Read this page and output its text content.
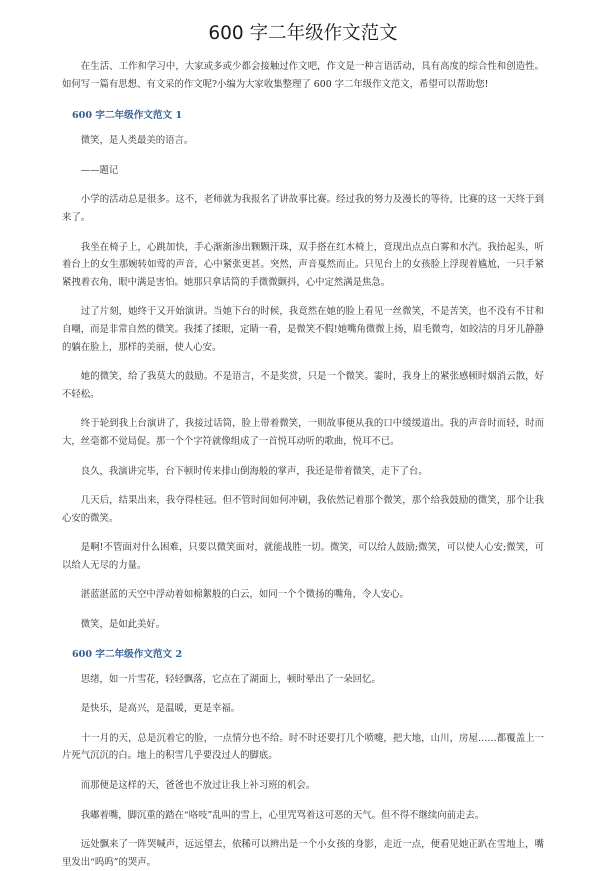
600 字二年级作文范文

在生活、工作和学习中，大家或多或少都会接触过作文吧，作文是一种言语活动，具有高度的综合性和创造性。如何写一篇有思想、有文采的作文呢?小编为大家收集整理了 600 字二年级作文范文，希望可以帮助您!

600 字二年级作文范文 1

微笑，是人类最美的语言。

——题记

小学的活动总是很多。这不，老师就为我报名了讲故事比赛。经过我的努力及漫长的等待，比赛的这一天终于到来了。

我坐在椅子上，心跳加快，手心渐渐渗出颗颗汗珠，双手搭在红木椅上，竟现出点点白雾和水汽。我抬起头，听着台上的女生那婉转如莺的声音，心中紧张更甚。突然，声音戛然而止。只见台上的女孩脸上浮现着尴尬，一只手紧紧拽着衣角，眼中满是害怕。她那只拿话筒的手微微颤抖，心中定然满是焦急。

过了片刻，她终于又开始演讲。当她下台的时候，我竟然在她的脸上看见一丝微笑，不是苦笑，也不没有不甘和自嘲，而是非常自然的微笑。我揉了揉眼，定睛一看，是微笑不假!她嘴角微微上扬，眉毛微弯，如皎洁的月牙儿静静的躺在脸上，那样的美丽，使人心安。

她的微笑，给了我莫大的鼓励。不是语言，不是奖赏，只是一个微笑。霎时，我身上的紧张感顿时烟消云散，好不轻松。

终于轮到我上台演讲了，我接过话筒，脸上带着微笑，一则故事便从我的口中缓缓道出。我的声音时而轻，时而大，丝毫都不觉局促。那一个个字符就像组成了一首悦耳动听的歌曲，悦耳不已。

良久，我演讲完毕，台下顿时传来排山倒海般的掌声，我还是带着微笑，走下了台。

几天后，结果出来，我夺得桂冠。但不管时间如何冲刷，我依然记着那个微笑，那个给我鼓励的微笑，那个让我心安的微笑。

是啊!不管面对什么困难，只要以微笑面对，就能战胜一切。微笑，可以给人鼓励;微笑，可以使人心安;微笑，可以给人无尽的力量。

湛蓝湛蓝的天空中浮动着如棉絮般的白云，如同一个个微扬的嘴角，令人安心。

微笑，是如此美好。

600 字二年级作文范文 2

思绪，如一片雪花，轻轻飘落，它点在了湖面上，顿时晕出了一朵回忆。

是快乐，是高兴，是温暖，更是幸福。

十一月的天，总是沉着它的脸，一点情分也不给。时不时还要打几个喷嚏，把大地，山川，房屋……都覆盖上一片死气沉沉的白。地上的积雪几乎要没过人的脚底。

而那便是这样的天，爸爸也不放过让我上补习班的机会。

我嘟着嘴，脚沉重的踏在“咯吱”乱叫的雪上，心里咒骂着这可恶的天气。但不得不继续向前走去。

远处飘来了一阵哭喊声，远远望去，依稀可以辨出是一个小女孩的身影，走近一点，便看见她正趴在雪地上，嘴里发出“呜呜”的哭声。
